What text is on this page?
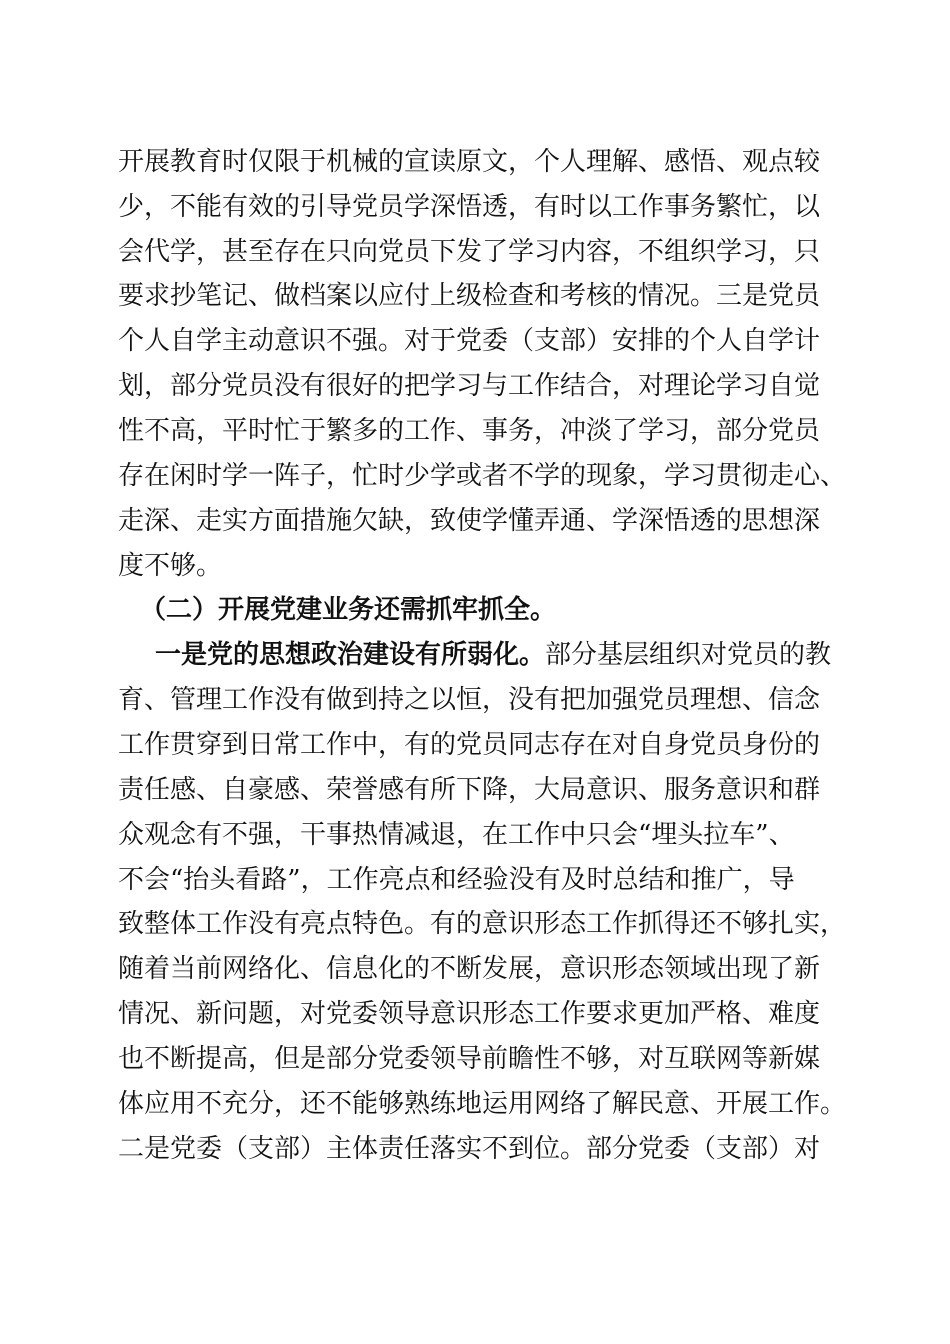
开展教育时仅限于机械的宣读原文，个人理解、感悟、观点较
少，不能有效的引导党员学深悟透，有时以工作事务繁忙，以
会代学，甚至存在只向党员下发了学习内容，不组织学习，只
要求抄笔记、做档案以应付上级检查和考核的情况。三是党员
个人自学主动意识不强。对于党委（支部）安排的个人自学计
划，部分党员没有很好的把学习与工作结合，对理论学习自觉
性不高，平时忙于繁多的工作、事务，冲淡了学习，部分党员
存在闲时学一阵子，忙时少学或者不学的现象，学习贯彻走心、
走深、走实方面措施欠缺，致使学懂弄通、学深悟透的思想深
度不够。
（二）开展党建业务还需抓牢抓全。
一是党的思想政治建设有所弱化。部分基层组织对党员的教
育、管理工作没有做到持之以恒，没有把加强党员理想、信念
工作贯穿到日常工作中，有的党员同志存在对自身党员身份的
责任感、自豪感、荣誉感有所下降，大局意识、服务意识和群
众观念有不强，干事热情减退，在工作中只会“埋头拉车”、
不会“抬头看路”，工作亮点和经验没有及时总结和推广，导
致整体工作没有亮点特色。有的意识形态工作抓得还不够扎实，
随着当前网络化、信息化的不断发展，意识形态领域出现了新
情况、新问题，对党委领导意识形态工作要求更加严格、难度
也不断提高，但是部分党委领导前瞻性不够，对互联网等新媒
体应用不充分，还不能够熟练地运用网络了解民意、开展工作。
二是党委（支部）主体责任落实不到位。部分党委（支部）对
